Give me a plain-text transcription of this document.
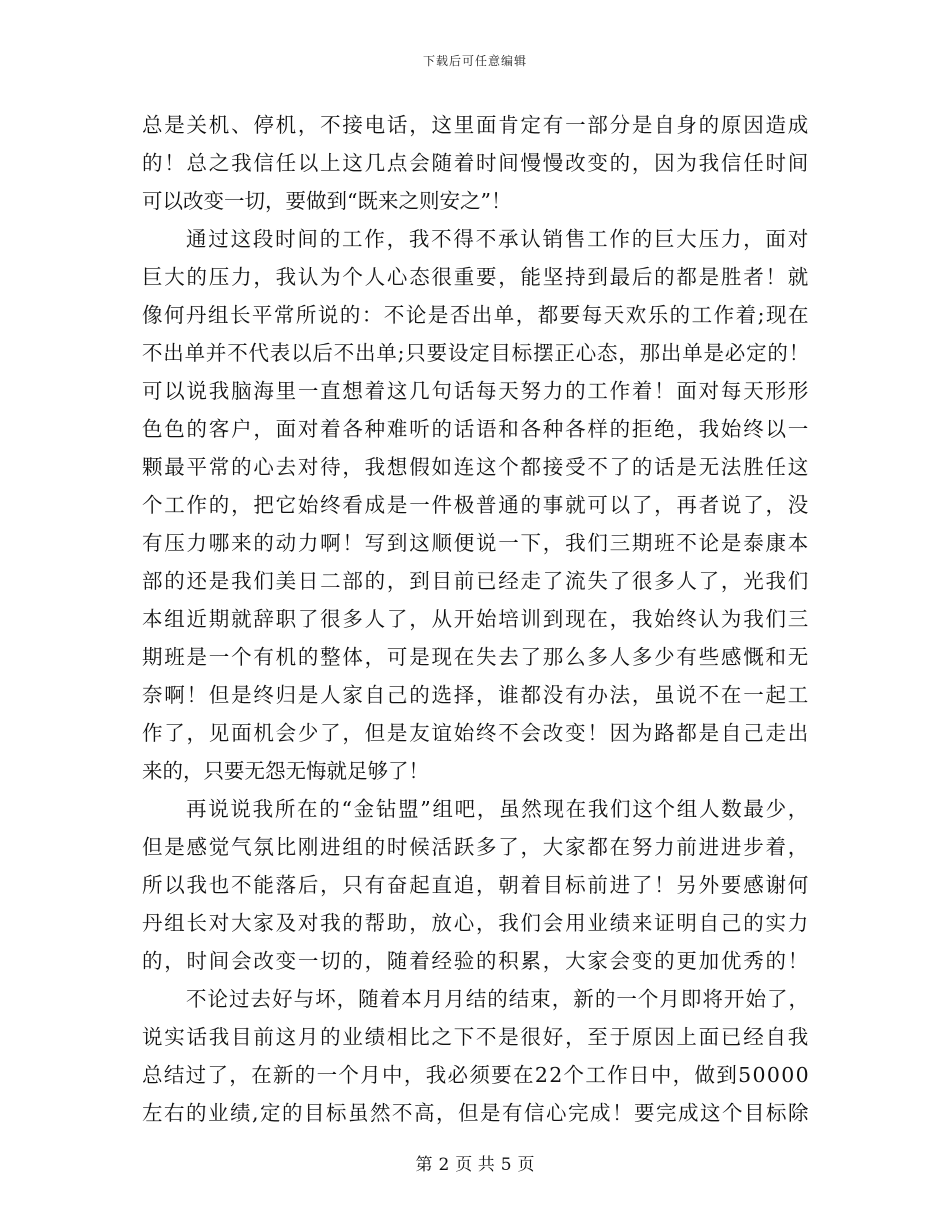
下载后可任意编辑
总是关机、停机，不接电话，这里面肯定有一部分是自身的原因造成
的！总之我信任以上这几点会随着时间慢慢改变的，因为我信任时间
可以改变一切，要做到“既来之则安之”！
通过这段时间的工作，我不得不承认销售工作的巨大压力，面对
巨大的压力，我认为个人心态很重要，能坚持到最后的都是胜者！就
像何丹组长平常所说的：不论是否出单，都要每天欢乐的工作着;现在
不出单并不代表以后不出单;只要设定目标摆正心态，那出单是必定的！
可以说我脑海里一直想着这几句话每天努力的工作着！面对每天形形
色色的客户，面对着各种难听的话语和各种各样的拒绝，我始终以一
颗最平常的心去对待，我想假如连这个都接受不了的话是无法胜任这
个工作的，把它始终看成是一件极普通的事就可以了，再者说了，没
有压力哪来的动力啊！写到这顺便说一下，我们三期班不论是泰康本
部的还是我们美日二部的，到目前已经走了流失了很多人了，光我们
本组近期就辞职了很多人了，从开始培训到现在，我始终认为我们三
期班是一个有机的整体，可是现在失去了那么多人多少有些感慨和无
奈啊！但是终归是人家自己的选择，谁都没有办法，虽说不在一起工
作了，见面机会少了，但是友谊始终不会改变！因为路都是自己走出
来的，只要无怨无悔就足够了！
再说说我所在的“金钻盟”组吧，虽然现在我们这个组人数最少，
但是感觉气氛比刚进组的时候活跃多了，大家都在努力前进进步着，
所以我也不能落后，只有奋起直追，朝着目标前进了！另外要感谢何
丹组长对大家及对我的帮助，放心，我们会用业绩来证明自己的实力
的，时间会改变一切的，随着经验的积累，大家会变的更加优秀的！
不论过去好与坏，随着本月月结的结束，新的一个月即将开始了，
说实话我目前这月的业绩相比之下不是很好，至于原因上面已经自我
总结过了，在新的一个月中，我必须要在22个工作日中，做到50000
左右的业绩,定的目标虽然不高，但是有信心完成！要完成这个目标除
第 2 页 共 5 页
